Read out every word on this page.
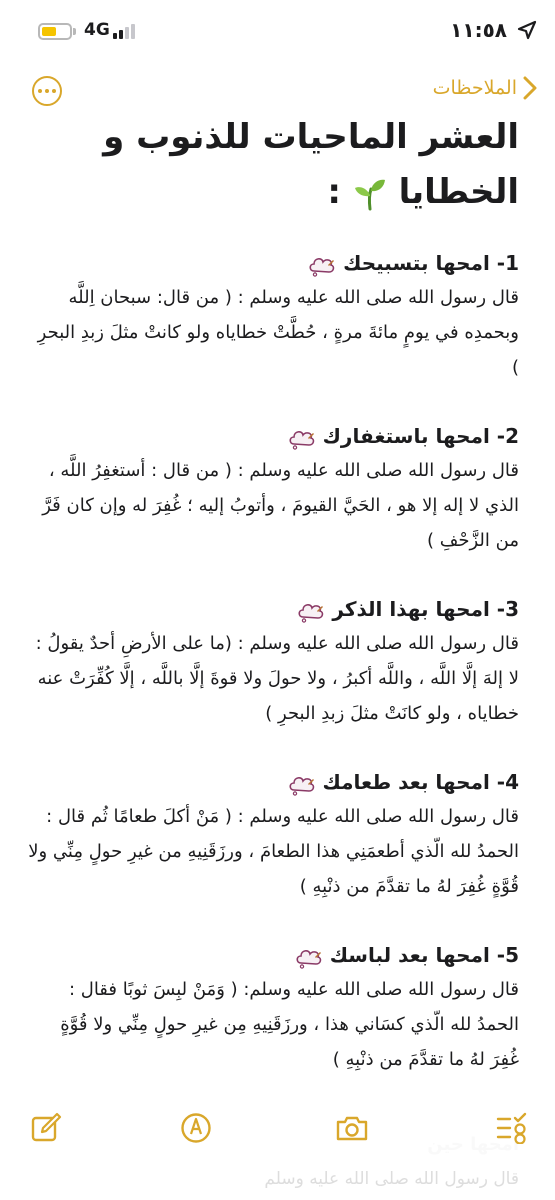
4G	١١:٥٨
الملاحظات
العشر الماحيات للذنوب و
الخطايا  :
1- امحها بتسبيحك
قال رسول الله صلى الله عليه وسلم : ( من قال: سبحان اِللَّه وبحمدِه في يومٍ مائةَ مرةٍ ، حُطَّتْ خطاياه ولو كانتْ مثلَ زبدِ البحرِ )
2- امحها باستغفارك
قال رسول الله صلى الله عليه وسلم : ( من قال : أستغفِرُ اللَّه ، الذي لا إله إلا هو ، الحَيَّ القيومَ ، وأتوبُ إليه ؛ غُفِرَ له وإن كان فَرَّ من الزَّحْفِ )
3- امحها بهذا الذكر
قال رسول الله صلى الله عليه وسلم : (ما على الأرضِ أحدٌ يقولُ : لا إلهَ إلَّا اللَّه ، واللَّه أكبرُ ، ولا حولَ ولا قوةَ إلَّا باللَّه ، إلَّا كُفِّرَتْ عنه خطاياه ، ولو كانَتْ مثلَ زبدِ البحرِ )
4- امحها بعد طعامك
قال رسول الله صلى الله عليه وسلم : ( مَنْ أكلَ طعامًا ثُم قال : الحمدُ لله الّذي أطعمَنِي هذا الطعامَ ، ورزَقَنِيهِ من غيرِ حولٍ مِنِّي ولا قُوَّةٍ غُفِرَ لهُ ما تقدَّمَ من ذنْبِهِ )
5- امحها بعد لباسك
قال رسول الله صلى الله عليه وسلم: ( وَمَنْ لبِسَ ثوبًا فقال : الحمدُ لله الّذي كسَاني هذا ، ورزَقَنِيهِ مِن غيرِ حولٍ مِنِّي ولا قُوَّةٍ غُفِرَ لهُ ما تقدَّمَ من ذنْبِهِ )
قال رسول الله صلى الله عليه وسلم
